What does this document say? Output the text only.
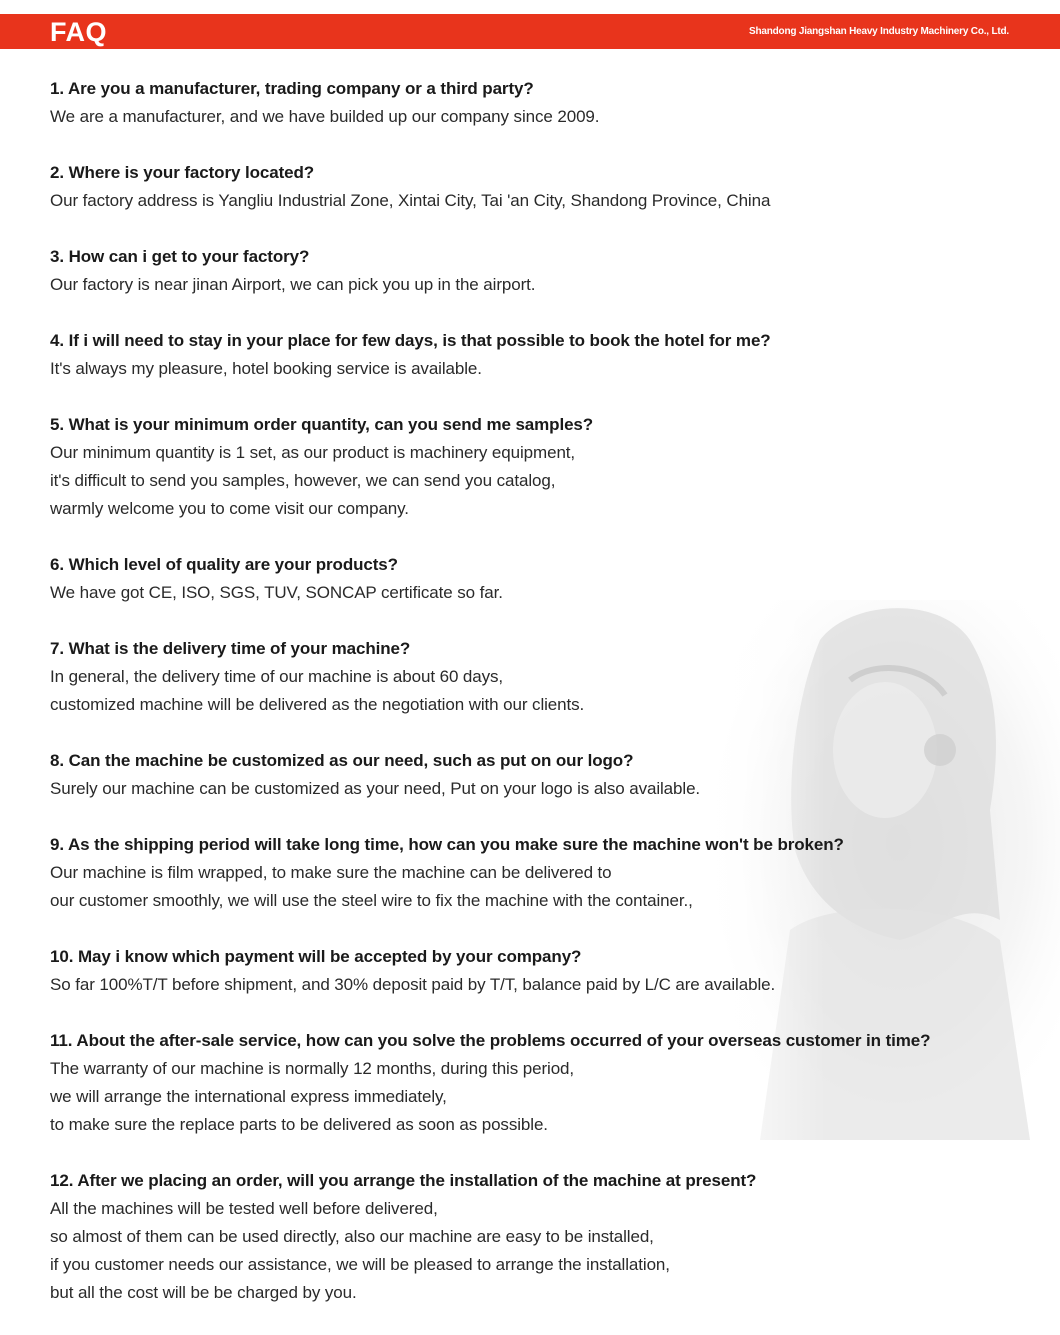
FAQ	Shandong Jiangshan Heavy Industry Machinery Co., Ltd.

1. Are you a manufacturer, trading company or a third party?

We are a manufacturer, and we have builded up our company since 2009.

2. Where is your factory located?

Our factory address is Yangliu Industrial Zone, Xintai City, Tai 'an City, Shandong Province, China

3. How can i get to your factory?

Our factory is near jinan Airport, we can pick you up in the airport.

4. If i will need to stay in your place for few days, is that possible to book the hotel for me?

It's always my pleasure, hotel booking service is available.

5. What is your minimum order quantity, can you send me samples?

Our minimum quantity is 1 set, as our product is machinery equipment,

it's difficult to send you samples, however, we can send you catalog,

warmly welcome you to come visit our company.

6. Which level of quality are your products?

We have got CE, ISO, SGS, TUV, SONCAP certificate so far.

7. What is the delivery time of your machine?

In general, the delivery time of our machine is about 60 days,

customized machine will be delivered as the negotiation with our clients.

8. Can the machine be customized as our need, such as put on our logo?

Surely our machine can be customized as your need, Put on your logo is also available.

9. As the shipping period will take long time, how can you make sure the machine won't be broken?

Our machine is film wrapped, to make sure the machine can be delivered to

our customer smoothly, we will use the steel wire to fix the machine with the container.,

10. May i know which payment will be accepted by your company?

So far 100%T/T before shipment, and 30% deposit paid by T/T, balance paid by L/C are available.

11. About the after-sale service, how can you solve the problems occurred of your overseas customer in time?

The warranty of our machine is normally 12 months, during this period,

we will arrange the international express immediately,

to make sure the replace parts to be delivered as soon as possible.

12. After we placing an order, will you arrange the installation of the machine at present?

All the machines will be tested well before delivered,

so almost of them can be used directly, also our machine are easy to be installed,

if you customer needs our assistance, we will be pleased to arrange the installation,

but all the cost will be be charged by you.
